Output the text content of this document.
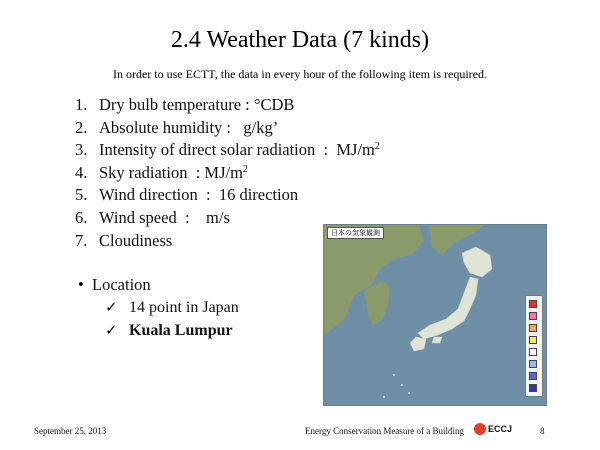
2.4 Weather Data (7 kinds)
In order to use ECTT, the data in every hour of the following item is required.
1. Dry bulb temperature : °CDB
2. Absolute humidity :   g/kg’
3. Intensity of direct solar radiation  :  $MJ/m^2$
4. Sky radiation  : $MJ/m^2$
5. Wind direction  :  16 direction
6. Wind speed  :    m/s
7. Cloudiness
• Location
✓ 14 point in Japan
✓ Kuala Lumpur
日本の気象観測
September 25, 2013	Energy Conservation Measure of a Building	ECCJ	8
